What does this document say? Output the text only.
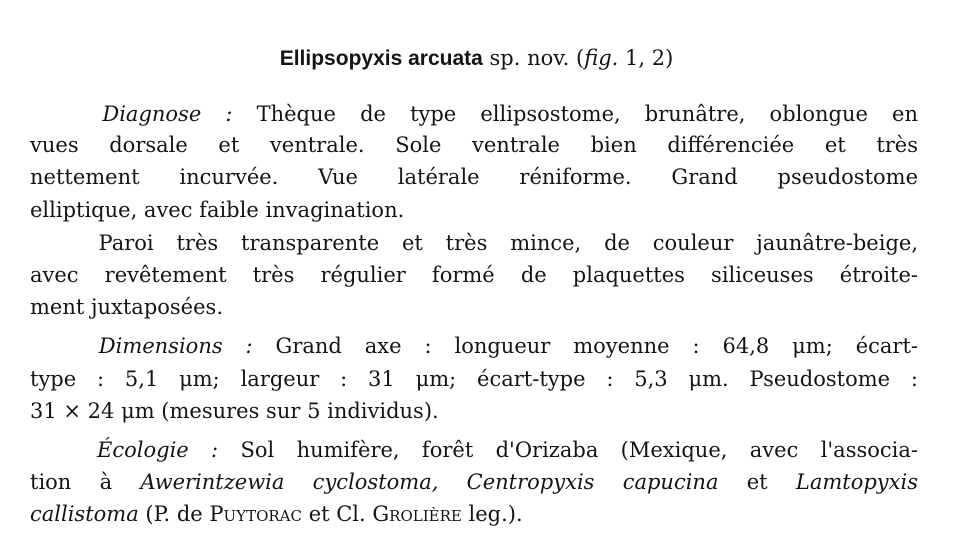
Ellipsopyxis arcuata sp. nov. (fig. 1, 2)
Diagnose : Thèque de type ellipsostome, brunâtre, oblongue en
vues dorsale et ventrale. Sole ventrale bien différenciée et très
nettement incurvée. Vue latérale réniforme. Grand pseudostome
elliptique, avec faible invagination.
Paroi très transparente et très mince, de couleur jaunâtre-beige,
avec revêtement très régulier formé de plaquettes siliceuses étroite-
ment juxtaposées.
Dimensions : Grand axe : longueur moyenne : 64,8 μm; écart-
type : 5,1 μm; largeur : 31 μm; écart-type : 5,3 μm. Pseudostome :
31 × 24 μm (mesures sur 5 individus).
Écologie : Sol humifère, forêt d'Orizaba (Mexique, avec l'associa-
tion à Awerintzewia cyclostoma, Centropyxis capucina et Lamtopyxis
callistoma (P. de Puytorac et Cl. Grolière leg.).
